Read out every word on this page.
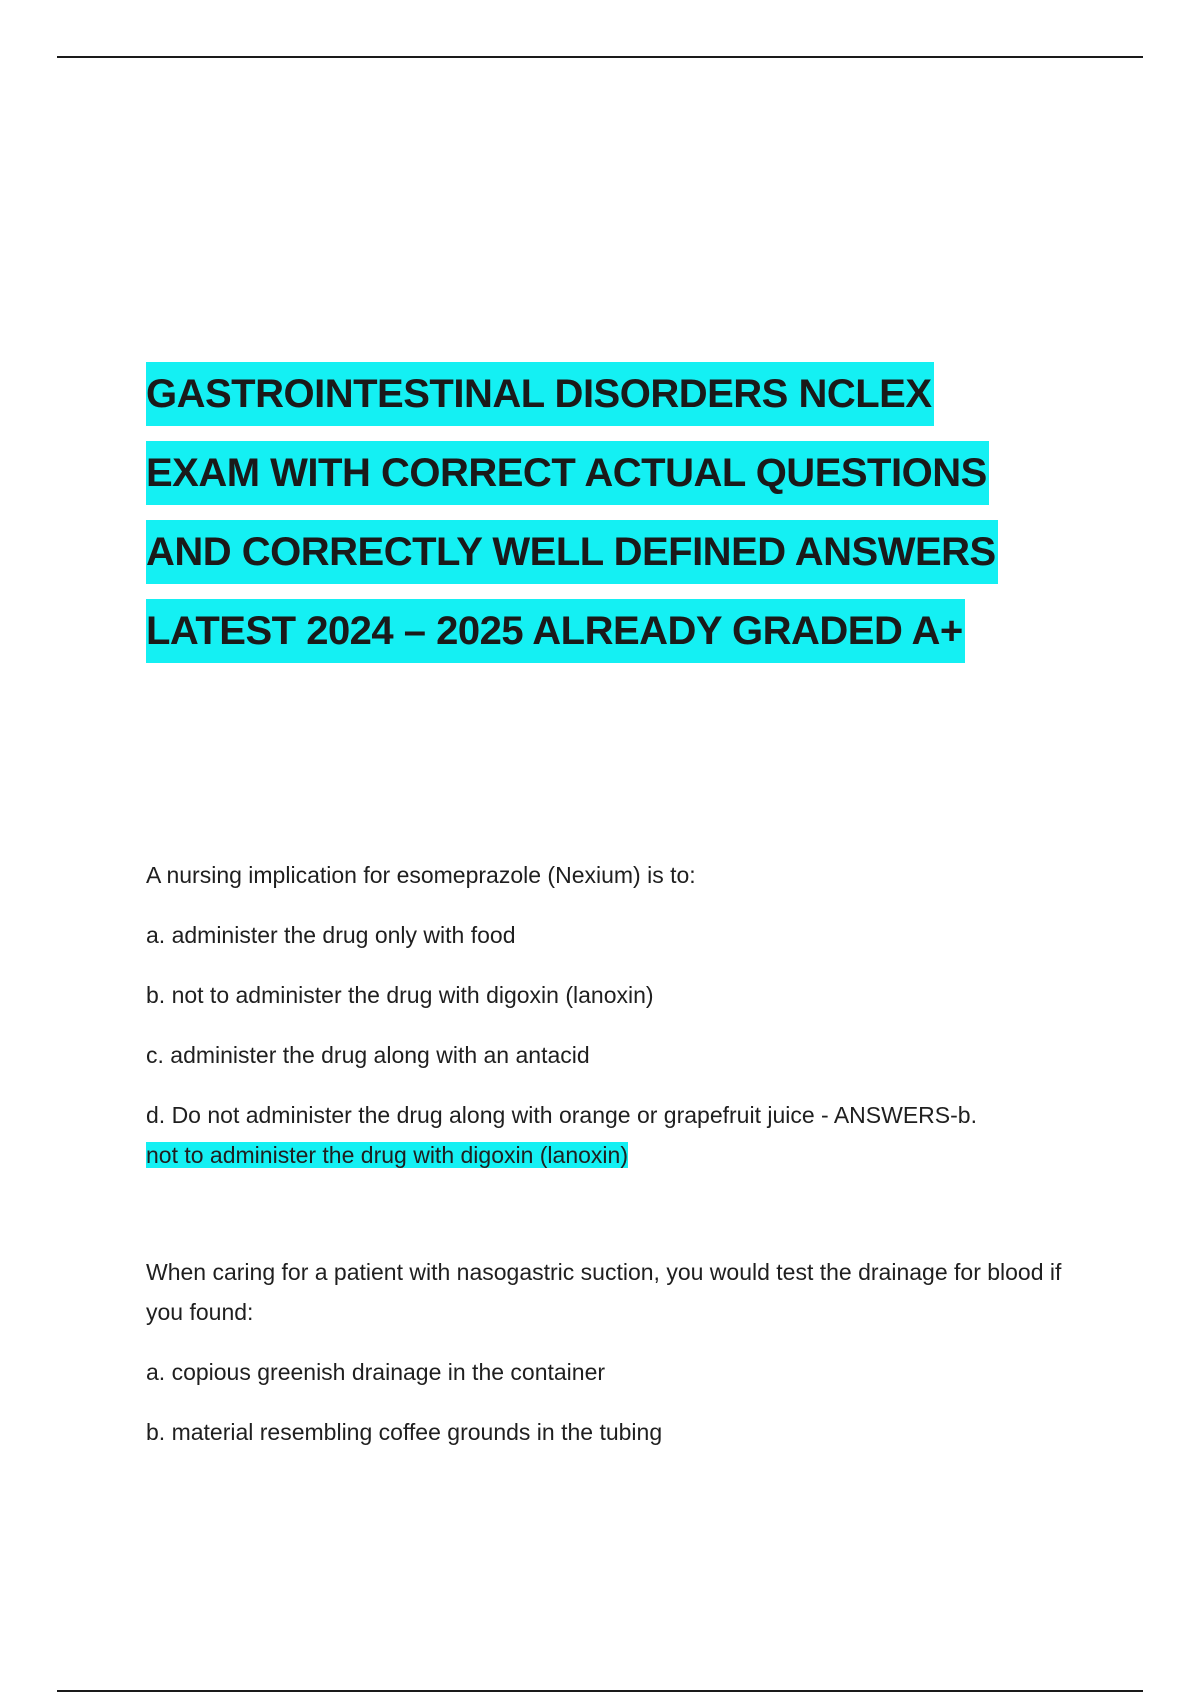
GASTROINTESTINAL DISORDERS NCLEX
EXAM WITH CORRECT ACTUAL QUESTIONS
AND CORRECTLY WELL DEFINED ANSWERS
LATEST 2024 – 2025 ALREADY GRADED A+

A nursing implication for esomeprazole (Nexium) is to:

a. administer the drug only with food

b. not to administer the drug with digoxin (lanoxin)

c. administer the drug along with an antacid

d. Do not administer the drug along with orange or grapefruit juice - ANSWERS-b.
not to administer the drug with digoxin (lanoxin)

When caring for a patient with nasogastric suction, you would test the drainage for blood if you found:

a. copious greenish drainage in the container

b. material resembling coffee grounds in the tubing
